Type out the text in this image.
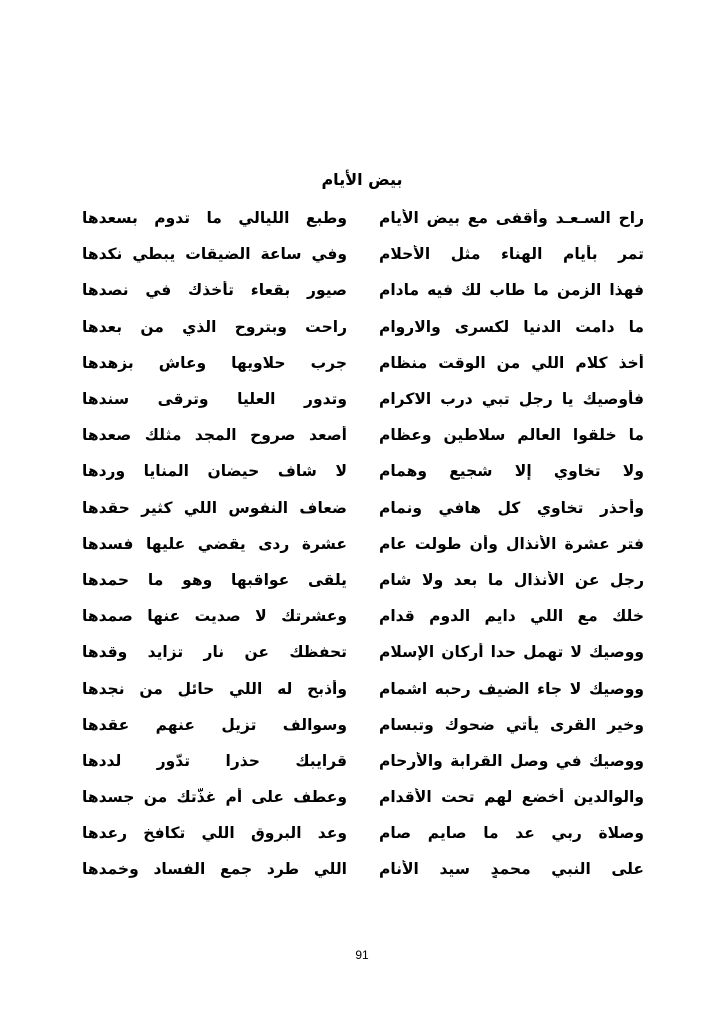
بيض الأيام
راح السـعـد وأقفى مع بيض الأيام
وطبع الليالي ما تدوم بسعدها
تمر بأيام الهناء مثل الأحلام
وفي ساعة الضيقات يبطي نكدها
فهذا الزمن ما طاب لك فيه مادام
صيور بقعاء تأخذك في نصدها
ما دامت الدنيا لكسرى والاروام
راحت وبتروح الذي من بعدها
أخذ كلام اللي من الوقت منظام
جرب حلاويها وعاش بزهدها
فأوصيك يا رجلٍ تبي درب الاكرام
وتدور العليا وترقى سندها
ما خلقوا العالم سلاطين وعظام
أصعد صروح المجد مثلك صعدها
ولا تخاوي إلا شجيعٍ وهمام
لا شاف حيضان المنايا وردها
وأحذر تخاوي كل هافي ونمام
ضعاف النفوس اللي كثير حقدها
فتر عشرة الأنذال وأن طولت عام
عشرة ردى يقضي عليها فسدها
رجلٍ عن الأنذال ما بعد ولا شام
يلقى عواقبها وهو ما حمدها
خلك مع اللي دايم الدوم قدام
وعشرتك لا صديت عنها صمدها
ووصيك لا تهمل حدا أركان الإسلام
تحفظك عن نارٍ تزايد وقدها
ووصيك لا جاء الضيف رحبه اشمام
وأذبح له اللي حائلٍ من نجدها
وخير القرى يأتي ضحوك وتبسام
وسوالف تزيل عنهم عقدها
ووصيك في وصل القرابة والأرحام
قرايبك حذرا تدّور لددها
والوالدين أخضع لهم تحت الأقدام
وعطف على أمٍ غذّتك من جسدها
وصلاة ربي عد ما صايمٍ صام
وعد البروق اللي تكافخ رعدها
على النبي محمدٍ سيد الأنام
اللي طرد جمع الفساد وخمدها
91
